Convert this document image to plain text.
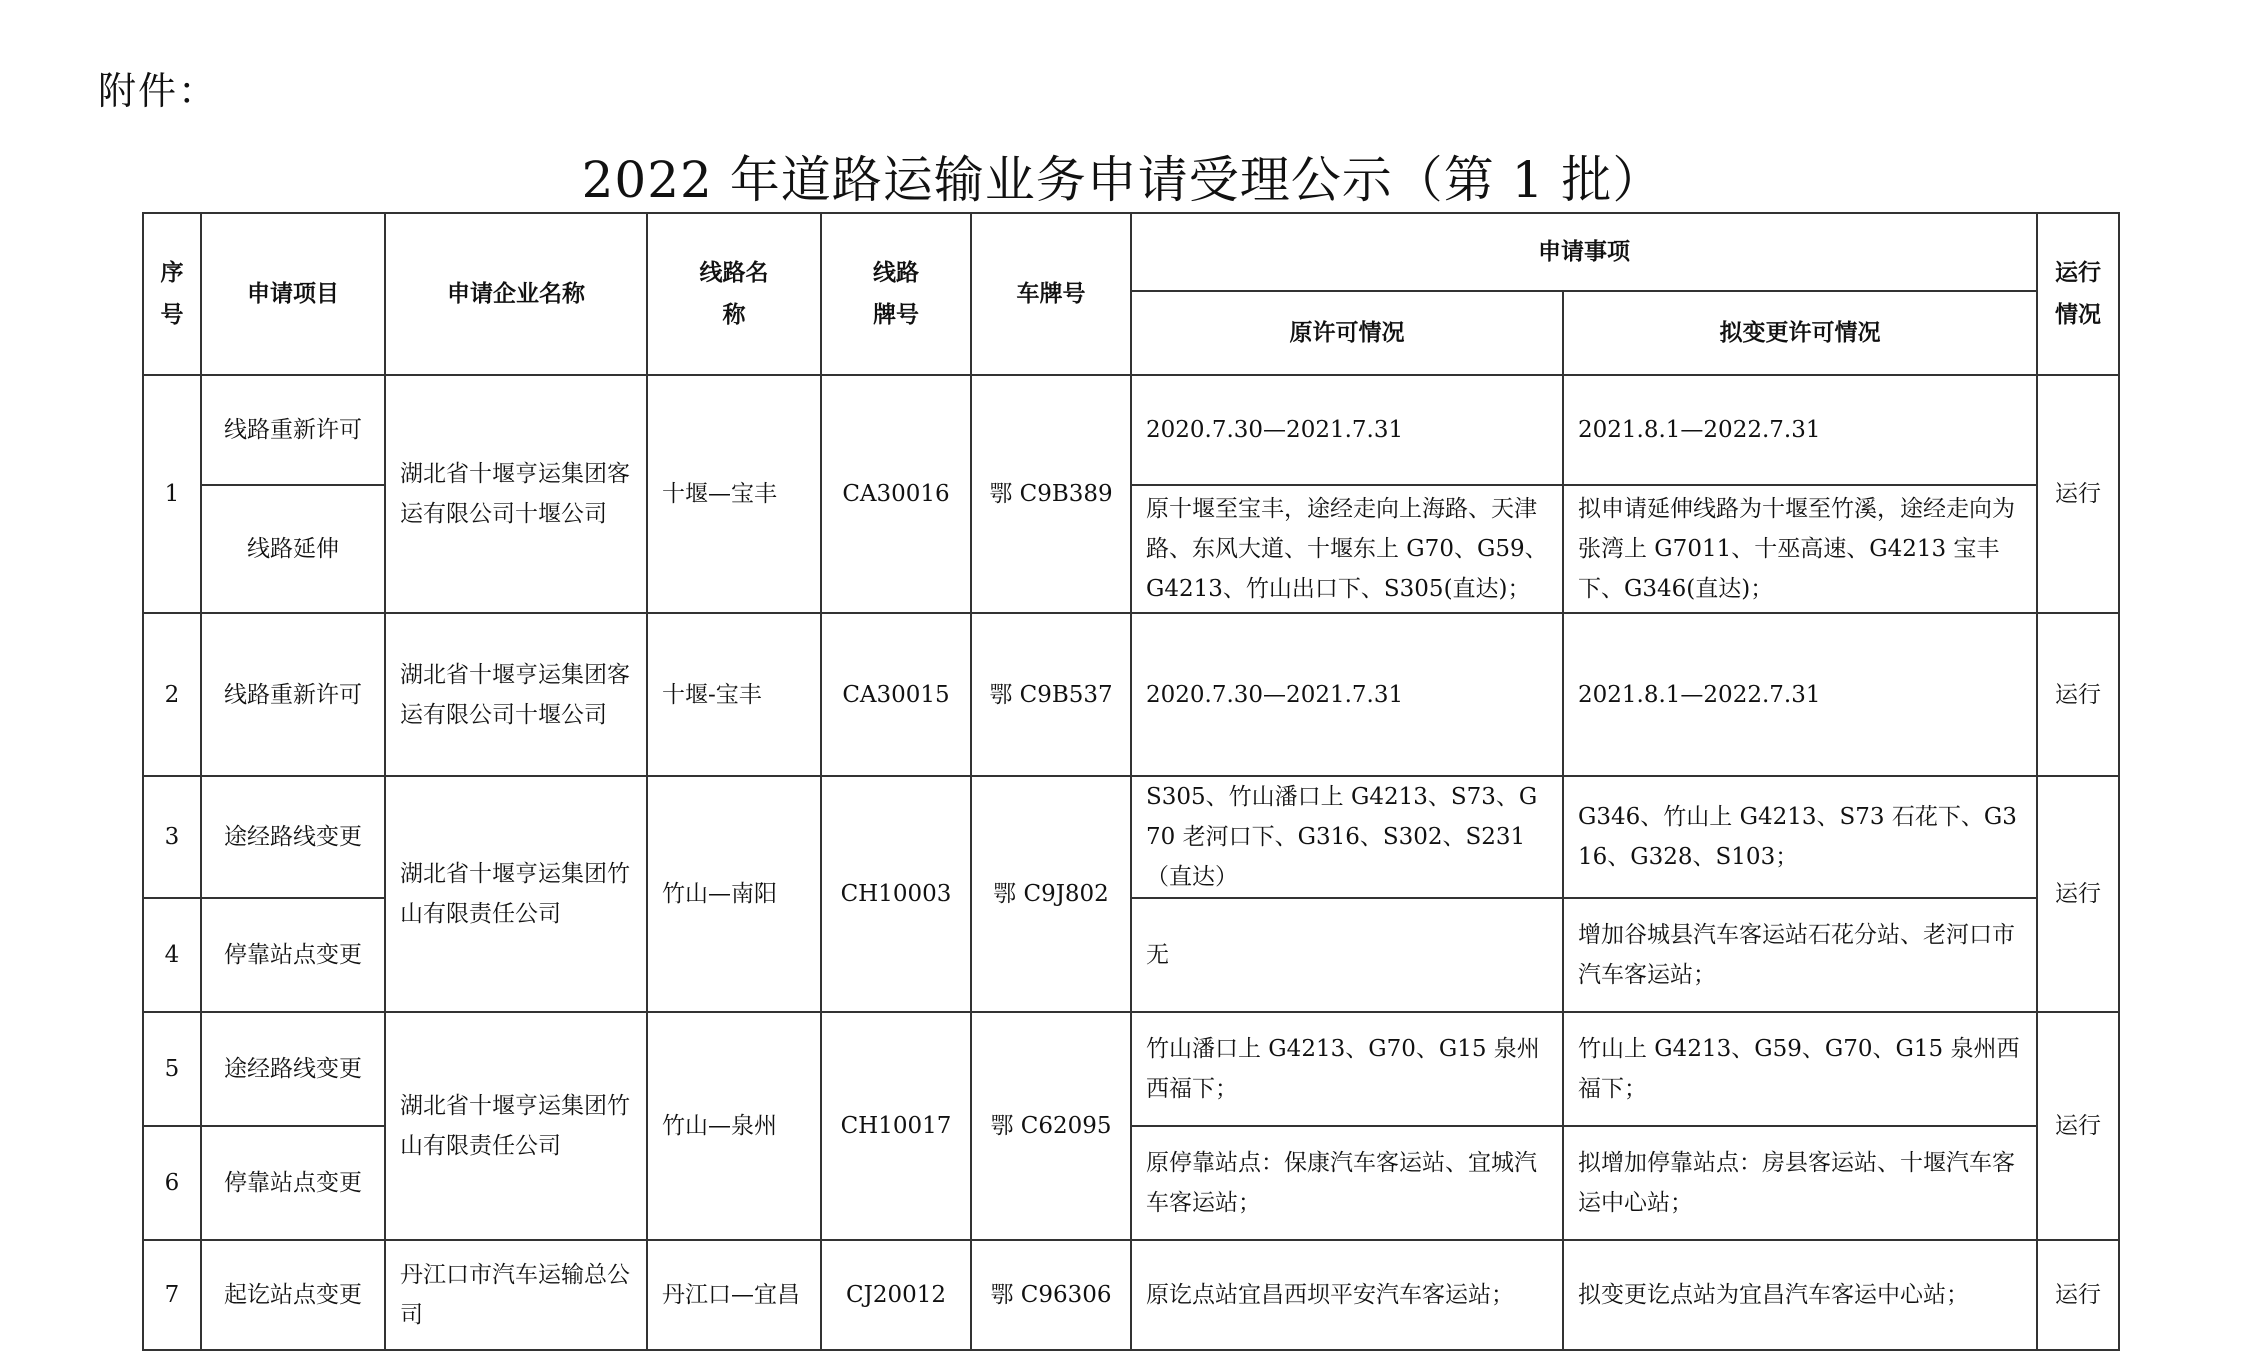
附件：
2022 年道路运输业务申请受理公示（第 1 批）
序号	申请项目	申请企业名称	线路名称	线路牌号	车牌号	申请事项		运行情况
						原许可情况	拟变更许可情况	
1	线路重新许可	湖北省十堰亨运集团客运有限公司十堰公司	十堰—宝丰	CA30016	鄂 C9B389	2020.7.30—2021.7.31	2021.8.1—2022.7.31	运行
	线路延伸					原十堰至宝丰，途经走向上海路、天津路、东风大道、十堰东上 G70、G59、G4213、竹山出口下、S305(直达)；	拟申请延伸线路为十堰至竹溪，途经走向为张湾上 G7011、十巫高速、G4213 宝丰下、G346(直达)；	
2	线路重新许可	湖北省十堰亨运集团客运有限公司十堰公司	十堰-宝丰	CA30015	鄂 C9B537	2020.7.30—2021.7.31	2021.8.1—2022.7.31	运行
3	途经路线变更	湖北省十堰亨运集团竹山有限责任公司	竹山—南阳	CH10003	鄂 C9J802	S305、竹山潘口上 G4213、S73、G70 老河口下、G316、S302、S231（直达）	G346、竹山上 G4213、S73 石花下、G316、G328、S103；	运行
4	停靠站点变更					无	增加谷城县汽车客运站石花分站、老河口市汽车客运站；	
5	途经路线变更	湖北省十堰亨运集团竹山有限责任公司	竹山—泉州	CH10017	鄂 C62095	竹山潘口上 G4213、G70、G15 泉州西福下；	竹山上 G4213、G59、G70、G15 泉州西福下；	运行
6	停靠站点变更					原停靠站点：保康汽车客运站、宜城汽车客运站；	拟增加停靠站点：房县客运站、十堰汽车客运中心站；	
7	起讫站点变更	丹江口市汽车运输总公司	丹江口—宜昌	CJ20012	鄂 C96306	原讫点站宜昌西坝平安汽车客运站；	拟变更讫点站为宜昌汽车客运中心站；	运行
